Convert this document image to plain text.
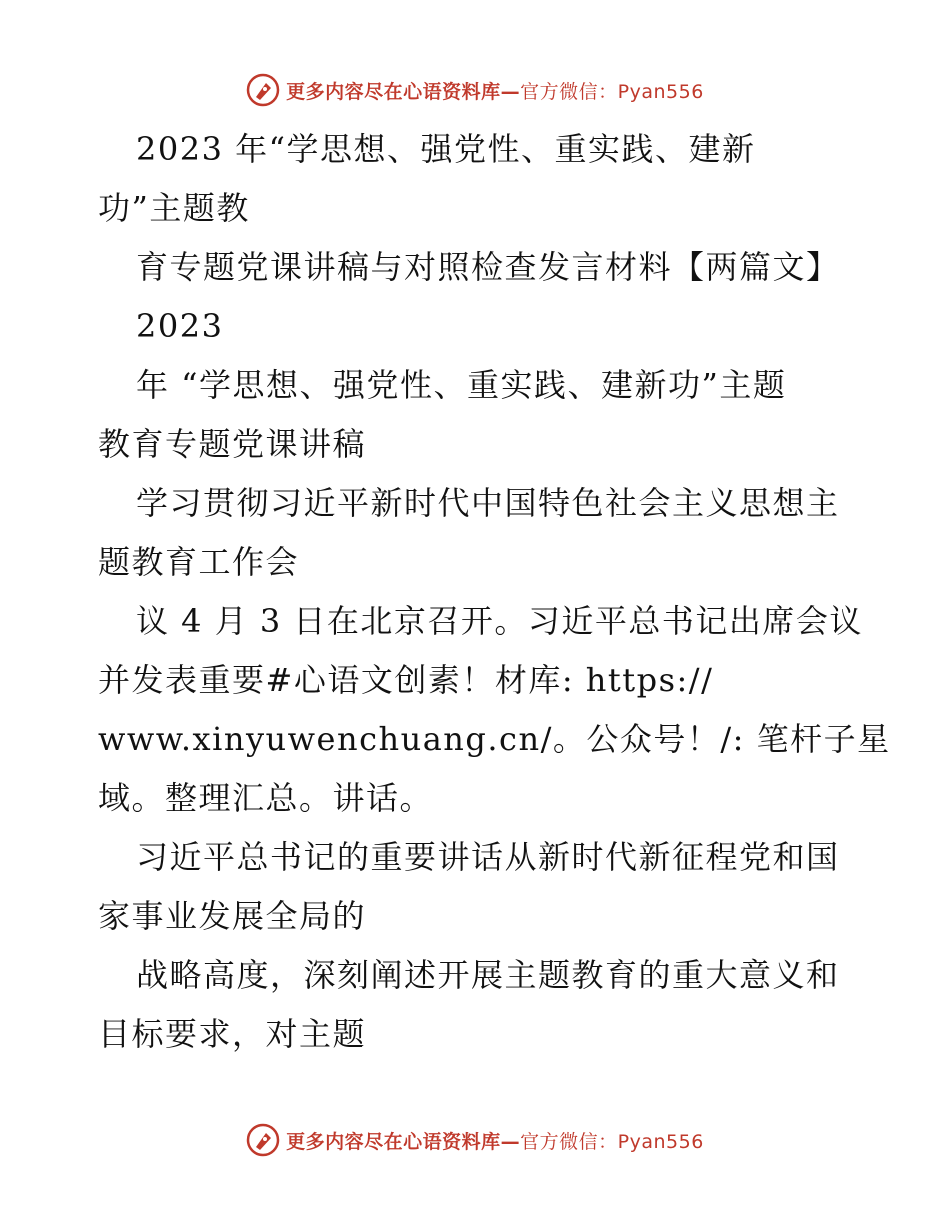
更多内容尽在心语资料库—官方微信：Pyan556
2023 年“学思想、强党性、重实践、建新
功”主题教
育专题党课讲稿与对照检查发言材料【两篇文】
2023
年 “学思想、强党性、重实践、建新功”主题
教育专题党课讲稿
学习贯彻习近平新时代中国特色社会主义思想主
题教育工作会
议 4 月 3 日在北京召开。习近平总书记出席会议
并发表重要#心语文创素！材库: https://
www.xinyuwenchuang.cn/。公众号！/: 笔杆子星
域。整理汇总。讲话。
习近平总书记的重要讲话从新时代新征程党和国
家事业发展全局的
战略高度，深刻阐述开展主题教育的重大意义和
目标要求，对主题
更多内容尽在心语资料库—官方微信：Pyan556
